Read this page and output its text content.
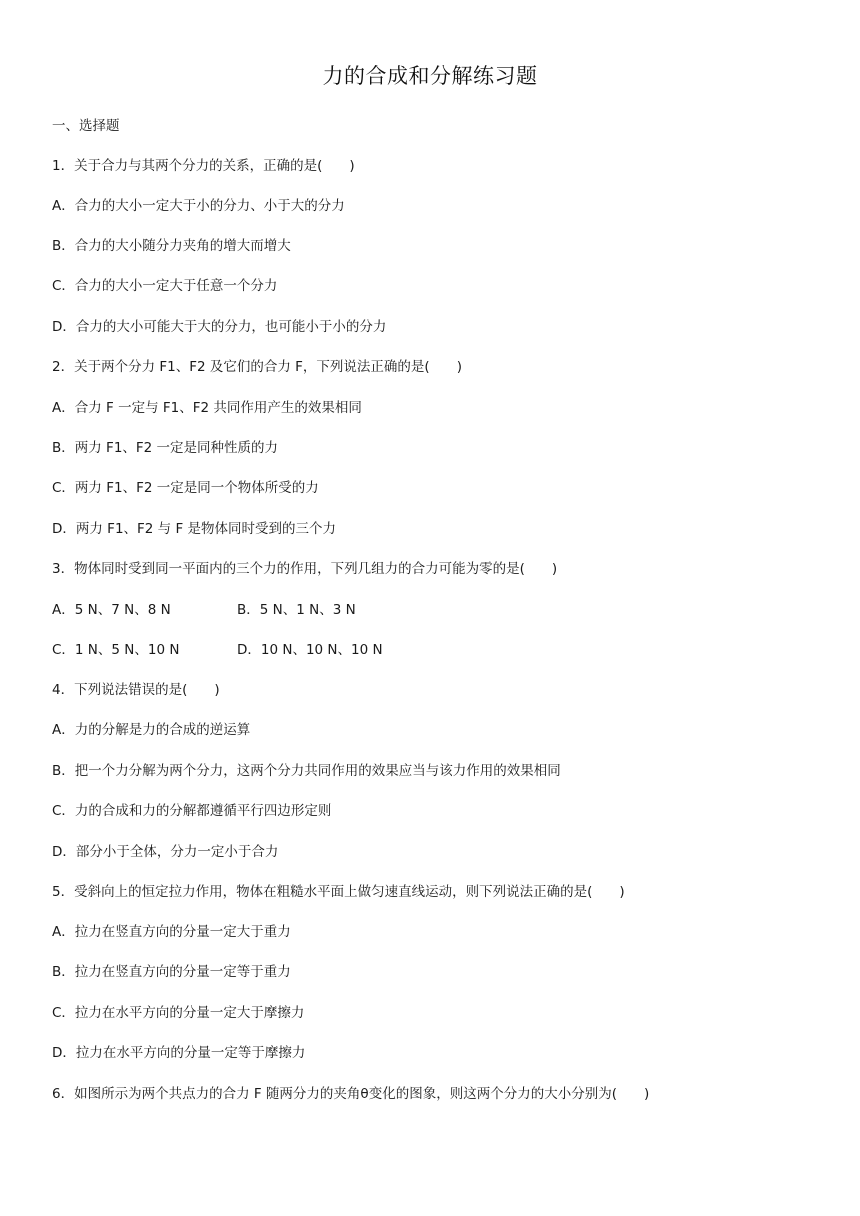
力的合成和分解练习题
一、选择题
1．关于合力与其两个分力的关系，正确的是(　　)
A．合力的大小一定大于小的分力、小于大的分力
B．合力的大小随分力夹角的增大而增大
C．合力的大小一定大于任意一个分力
D．合力的大小可能大于大的分力，也可能小于小的分力
2．关于两个分力 F1、F2 及它们的合力 F，下列说法正确的是(　　)
A．合力 F 一定与 F1、F2 共同作用产生的效果相同
B．两力 F1、F2 一定是同种性质的力
C．两力 F1、F2 一定是同一个物体所受的力
D．两力 F1、F2 与 F 是物体同时受到的三个力
3．物体同时受到同一平面内的三个力的作用，下列几组力的合力可能为零的是(　　)
A．5 N、7 N、8 N	B．5 N、1 N、3 N
C．1 N、5 N、10 N	D．10 N、10 N、10 N
4．下列说法错误的是(　　)
A．力的分解是力的合成的逆运算
B．把一个力分解为两个分力，这两个分力共同作用的效果应当与该力作用的效果相同
C．力的合成和力的分解都遵循平行四边形定则
D．部分小于全体，分力一定小于合力
5．受斜向上的恒定拉力作用，物体在粗糙水平面上做匀速直线运动，则下列说法正确的是(　　)
A．拉力在竖直方向的分量一定大于重力
B．拉力在竖直方向的分量一定等于重力
C．拉力在水平方向的分量一定大于摩擦力
D．拉力在水平方向的分量一定等于摩擦力
6．如图所示为两个共点力的合力 F 随两分力的夹角θ变化的图象，则这两个分力的大小分别为(　　)
